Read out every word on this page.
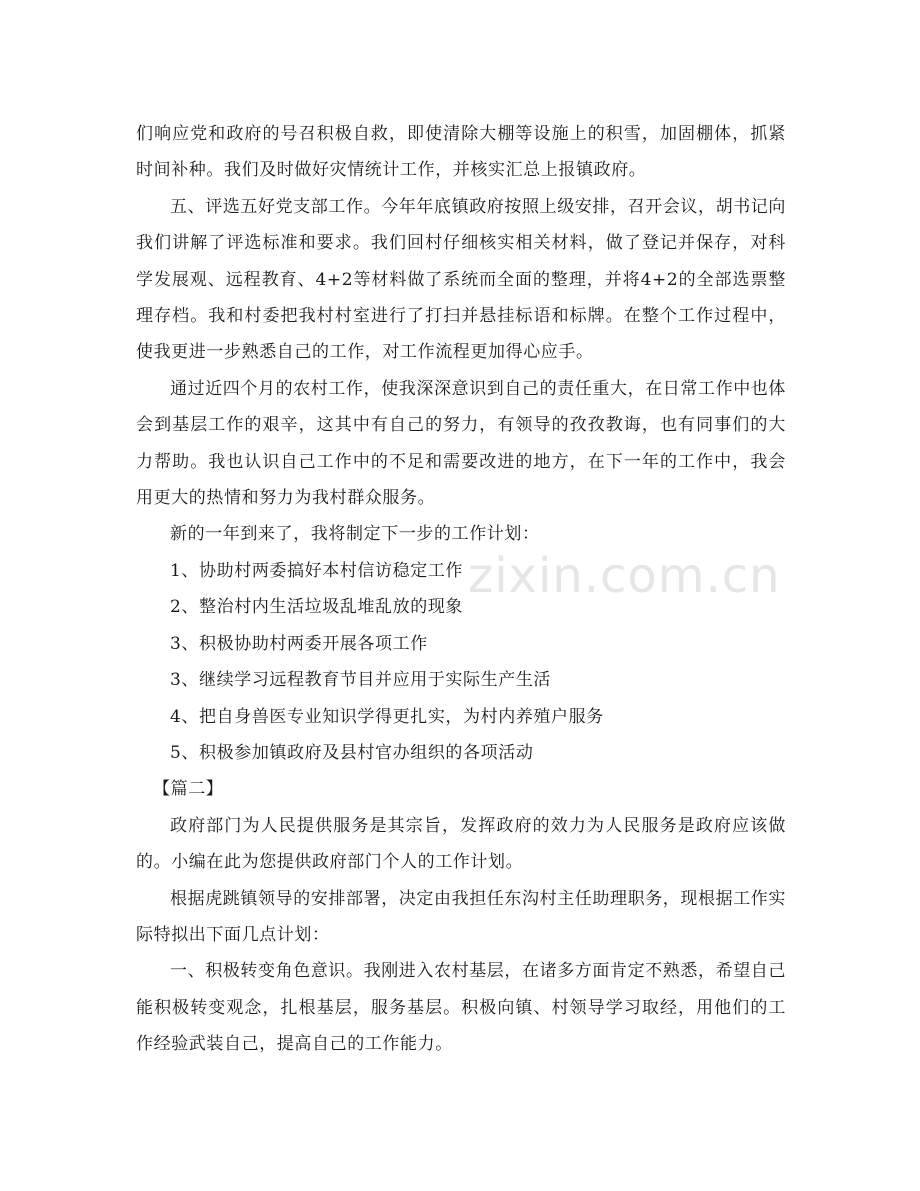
zixin.com.cn

们响应党和政府的号召积极自救，即使清除大棚等设施上的积雪，加固棚体，抓紧时间补种。我们及时做好灾情统计工作，并核实汇总上报镇政府。

五、评选五好党支部工作。今年年底镇政府按照上级安排，召开会议，胡书记向我们讲解了评选标准和要求。我们回村仔细核实相关材料，做了登记并保存，对科学发展观、远程教育、4+2等材料做了系统而全面的整理，并将4+2的全部选票整理存档。我和村委把我村村室进行了打扫并悬挂标语和标牌。在整个工作过程中，使我更进一步熟悉自己的工作，对工作流程更加得心应手。

通过近四个月的农村工作，使我深深意识到自己的责任重大，在日常工作中也体会到基层工作的艰辛，这其中有自己的努力，有领导的孜孜教诲，也有同事们的大力帮助。我也认识自己工作中的不足和需要改进的地方，在下一年的工作中，我会用更大的热情和努力为我村群众服务。

新的一年到来了，我将制定下一步的工作计划：

1、协助村两委搞好本村信访稳定工作

2、整治村内生活垃圾乱堆乱放的现象

3、积极协助村两委开展各项工作

3、继续学习远程教育节目并应用于实际生产生活

4、把自身兽医专业知识学得更扎实，为村内养殖户服务

5、积极参加镇政府及县村官办组织的各项活动

【篇二】

政府部门为人民提供服务是其宗旨，发挥政府的效力为人民服务是政府应该做的。小编在此为您提供政府部门个人的工作计划。

根据虎跳镇领导的安排部署，决定由我担任东沟村主任助理职务，现根据工作实际特拟出下面几点计划：

一、积极转变角色意识。我刚进入农村基层，在诸多方面肯定不熟悉，希望自己能积极转变观念，扎根基层，服务基层。积极向镇、村领导学习取经，用他们的工作经验武装自己，提高自己的工作能力。
